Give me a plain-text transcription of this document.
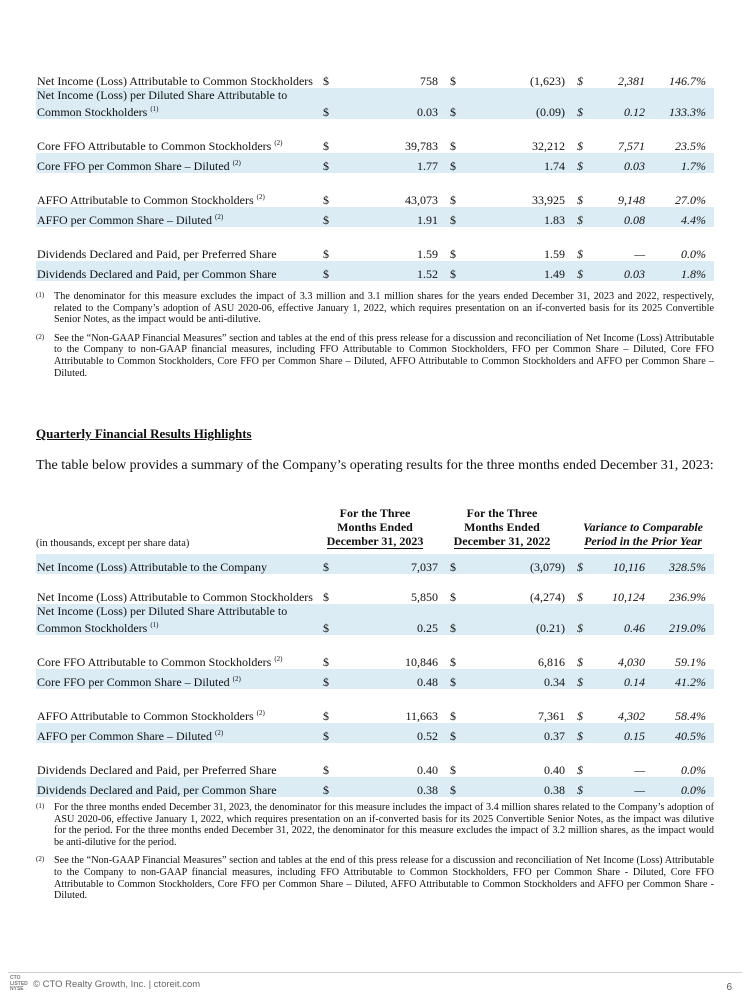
Net Income (Loss) Attributable to Common Stockholders	$	758	$	(1,623)	$	2,381	146.7%
Net Income (Loss) per Diluted Share Attributable to Common Stockholders $^{(1)}$	$	0.03	$	(0.09)	$	0.12	133.3%

Core FFO Attributable to Common Stockholders $^{(2)}$	$	39,783	$	32,212	$	7,571	23.5%
Core FFO per Common Share – Diluted $^{(2)}$	$	1.77	$	1.74	$	0.03	1.7%

AFFO Attributable to Common Stockholders $^{(2)}$	$	43,073	$	33,925	$	9,148	27.0%
AFFO per Common Share – Diluted $^{(2)}$	$	1.91	$	1.83	$	0.08	4.4%

Dividends Declared and Paid, per Preferred Share	$	1.59	$	1.59	$	—	0.0%
Dividends Declared and Paid, per Common Share	$	1.52	$	1.49	$	0.03	1.8%
(1) The denominator for this measure excludes the impact of 3.3 million and 3.1 million shares for the years ended December 31, 2023 and 2022, respectively, related to the Company’s adoption of ASU 2020-06, effective January 1, 2022, which requires presentation on an if-converted basis for its 2025 Convertible Senior Notes, as the impact would be anti-dilutive.
(2) See the “Non-GAAP Financial Measures” section and tables at the end of this press release for a discussion and reconciliation of Net Income (Loss) Attributable to the Company to non-GAAP financial measures, including FFO Attributable to Common Stockholders, FFO per Common Share – Diluted, Core FFO Attributable to Common Stockholders, Core FFO per Common Share – Diluted, AFFO Attributable to Common Stockholders and AFFO per Common Share – Diluted.
Quarterly Financial Results Highlights
The table below provides a summary of the Company’s operating results for the three months ended December 31, 2023:
(in thousands, except per share data)
For the Three
Months Ended
December 31, 2023
For the Three
Months Ended
December 31, 2022
Variance to Comparable
Period in the Prior Year
Net Income (Loss) Attributable to the Company	$	7,037	$	(3,079)	$	10,116	328.5%
Net Income (Loss) Attributable to Common Stockholders	$	5,850	$	(4,274)	$	10,124	236.9%
Net Income (Loss) per Diluted Share Attributable to Common Stockholders $^{(1)}$	$	0.25	$	(0.21)	$	0.46	219.0%

Core FFO Attributable to Common Stockholders $^{(2)}$	$	10,846	$	6,816	$	4,030	59.1%
Core FFO per Common Share – Diluted $^{(2)}$	$	0.48	$	0.34	$	0.14	41.2%

AFFO Attributable to Common Stockholders $^{(2)}$	$	11,663	$	7,361	$	4,302	58.4%
AFFO per Common Share – Diluted $^{(2)}$	$	0.52	$	0.37	$	0.15	40.5%

Dividends Declared and Paid, per Preferred Share	$	0.40	$	0.40	$	—	0.0%
Dividends Declared and Paid, per Common Share	$	0.38	$	0.38	$	—	0.0%
(1) For the three months ended December 31, 2023, the denominator for this measure includes the impact of 3.4 million shares related to the Company’s adoption of ASU 2020-06, effective January 1, 2022, which requires presentation on an if-converted basis for its 2025 Convertible Senior Notes, as the impact was dilutive for the period. For the three months ended December 31, 2022, the denominator for this measure excludes the impact of 3.2 million shares, as the impact would be anti-dilutive for the period.
(2) See the “Non-GAAP Financial Measures” section and tables at the end of this press release for a discussion and reconciliation of Net Income (Loss) Attributable to the Company to non-GAAP financial measures, including FFO Attributable to Common Stockholders, FFO per Common Share - Diluted, Core FFO Attributable to Common Stockholders, Core FFO per Common Share – Diluted, AFFO Attributable to Common Stockholders and AFFO per Common Share - Diluted.
CTO
LISTED
NYSE © CTO Realty Growth, Inc. | ctoreit.com	6
